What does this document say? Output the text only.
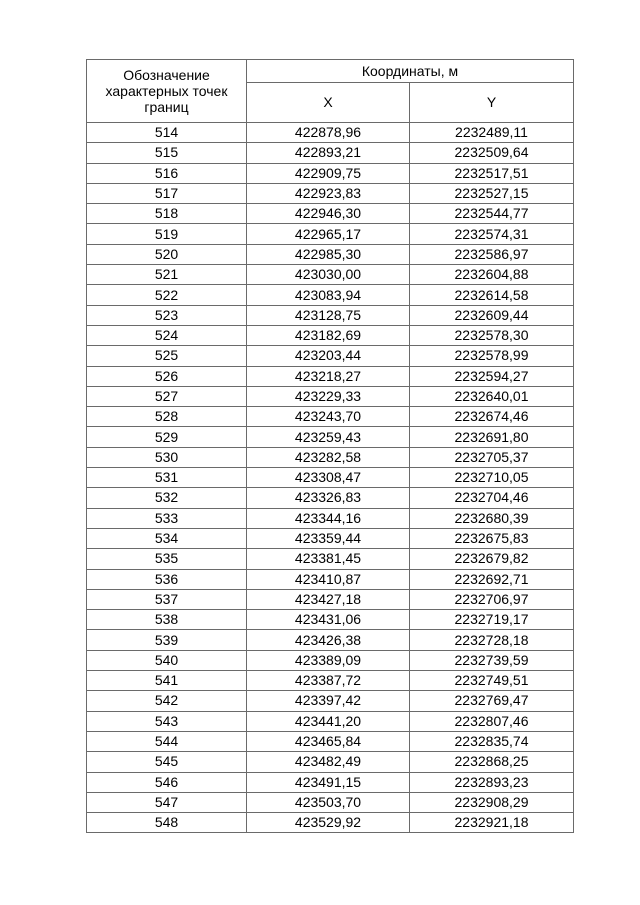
Обозначение характерных точек границ	Координаты, м	
	X	Y
514	422878,96	2232489,11
515	422893,21	2232509,64
516	422909,75	2232517,51
517	422923,83	2232527,15
518	422946,30	2232544,77
519	422965,17	2232574,31
520	422985,30	2232586,97
521	423030,00	2232604,88
522	423083,94	2232614,58
523	423128,75	2232609,44
524	423182,69	2232578,30
525	423203,44	2232578,99
526	423218,27	2232594,27
527	423229,33	2232640,01
528	423243,70	2232674,46
529	423259,43	2232691,80
530	423282,58	2232705,37
531	423308,47	2232710,05
532	423326,83	2232704,46
533	423344,16	2232680,39
534	423359,44	2232675,83
535	423381,45	2232679,82
536	423410,87	2232692,71
537	423427,18	2232706,97
538	423431,06	2232719,17
539	423426,38	2232728,18
540	423389,09	2232739,59
541	423387,72	2232749,51
542	423397,42	2232769,47
543	423441,20	2232807,46
544	423465,84	2232835,74
545	423482,49	2232868,25
546	423491,15	2232893,23
547	423503,70	2232908,29
548	423529,92	2232921,18
